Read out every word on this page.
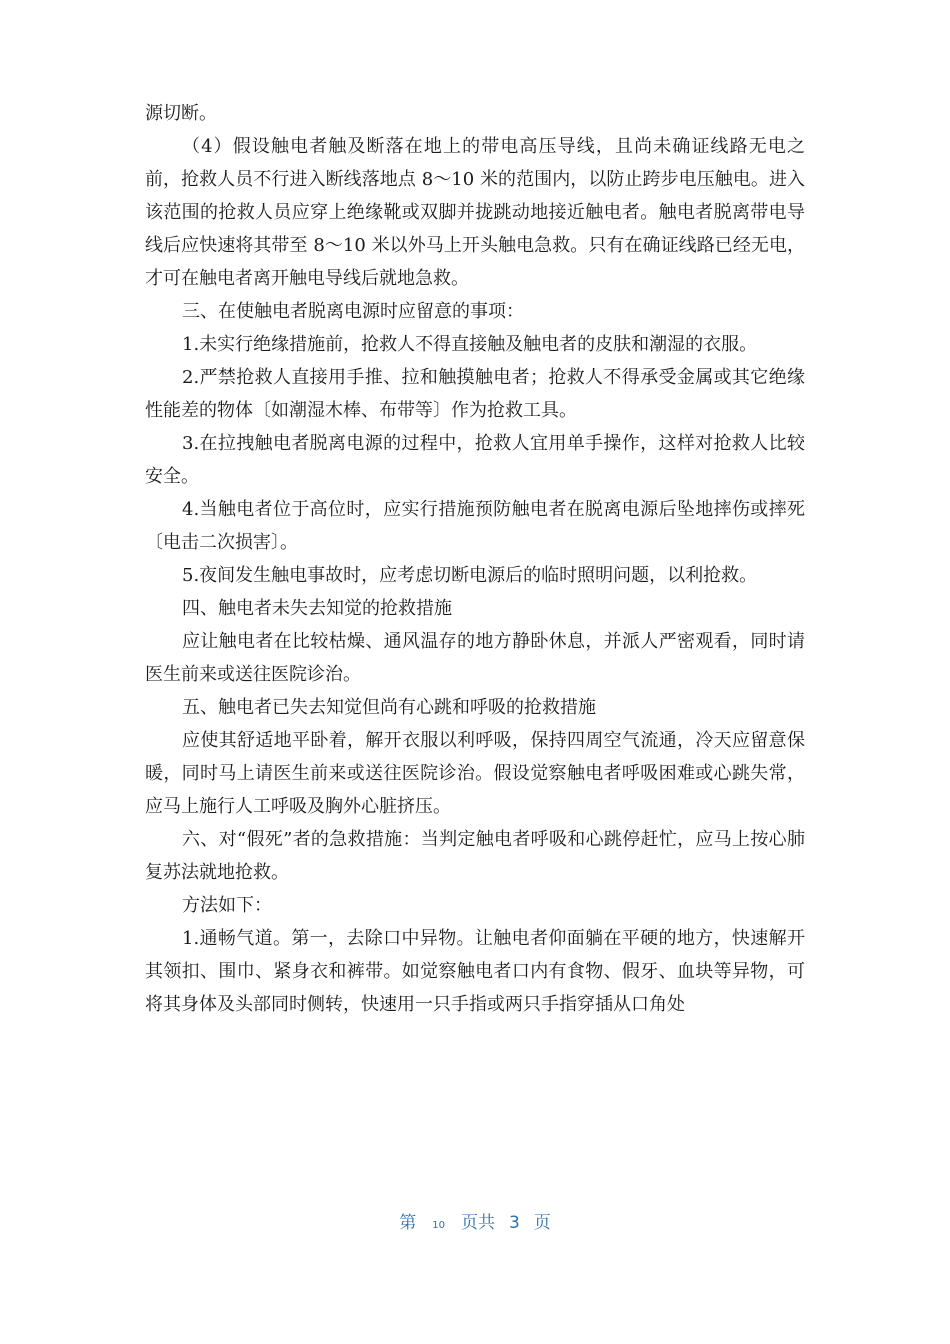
源切断。

（4）假设触电者触及断落在地上的带电高压导线，且尚未确证线路无电之前，抢救人员不行进入断线落地点 8～10 米的范围内，以防止跨步电压触电。进入该范围的抢救人员应穿上绝缘靴或双脚并拢跳动地接近触电者。触电者脱离带电导线后应快速将其带至 8～10 米以外马上开头触电急救。只有在确证线路已经无电，才可在触电者离开触电导线后就地急救。

三、在使触电者脱离电源时应留意的事项：

1.未实行绝缘措施前，抢救人不得直接触及触电者的皮肤和潮湿的衣服。

2.严禁抢救人直接用手推、拉和触摸触电者；抢救人不得承受金属或其它绝缘性能差的物体〔如潮湿木棒、布带等〕作为抢救工具。

3.在拉拽触电者脱离电源的过程中，抢救人宜用单手操作，这样对抢救人比较安全。

4.当触电者位于高位时，应实行措施预防触电者在脱离电源后坠地摔伤或摔死〔电击二次损害〕。

5.夜间发生触电事故时，应考虑切断电源后的临时照明问题，以利抢救。

四、触电者未失去知觉的抢救措施

应让触电者在比较枯燥、通风温存的地方静卧休息，并派人严密观看，同时请医生前来或送往医院诊治。

五、触电者已失去知觉但尚有心跳和呼吸的抢救措施

应使其舒适地平卧着，解开衣服以利呼吸，保持四周空气流通，冷天应留意保暖，同时马上请医生前来或送往医院诊治。假设觉察触电者呼吸困难或心跳失常，应马上施行人工呼吸及胸外心脏挤压。

六、对“假死”者的急救措施：当判定触电者呼吸和心跳停赶忙，应马上按心肺复苏法就地抢救。

方法如下：

1.通畅气道。第一，去除口中异物。让触电者仰面躺在平硬的地方，快速解开其领扣、围巾、紧身衣和裤带。如觉察触电者口内有食物、假牙、血块等异物，可将其身体及头部同时侧转，快速用一只手指或两只手指穿插从口角处

第 10 页共 3 页
